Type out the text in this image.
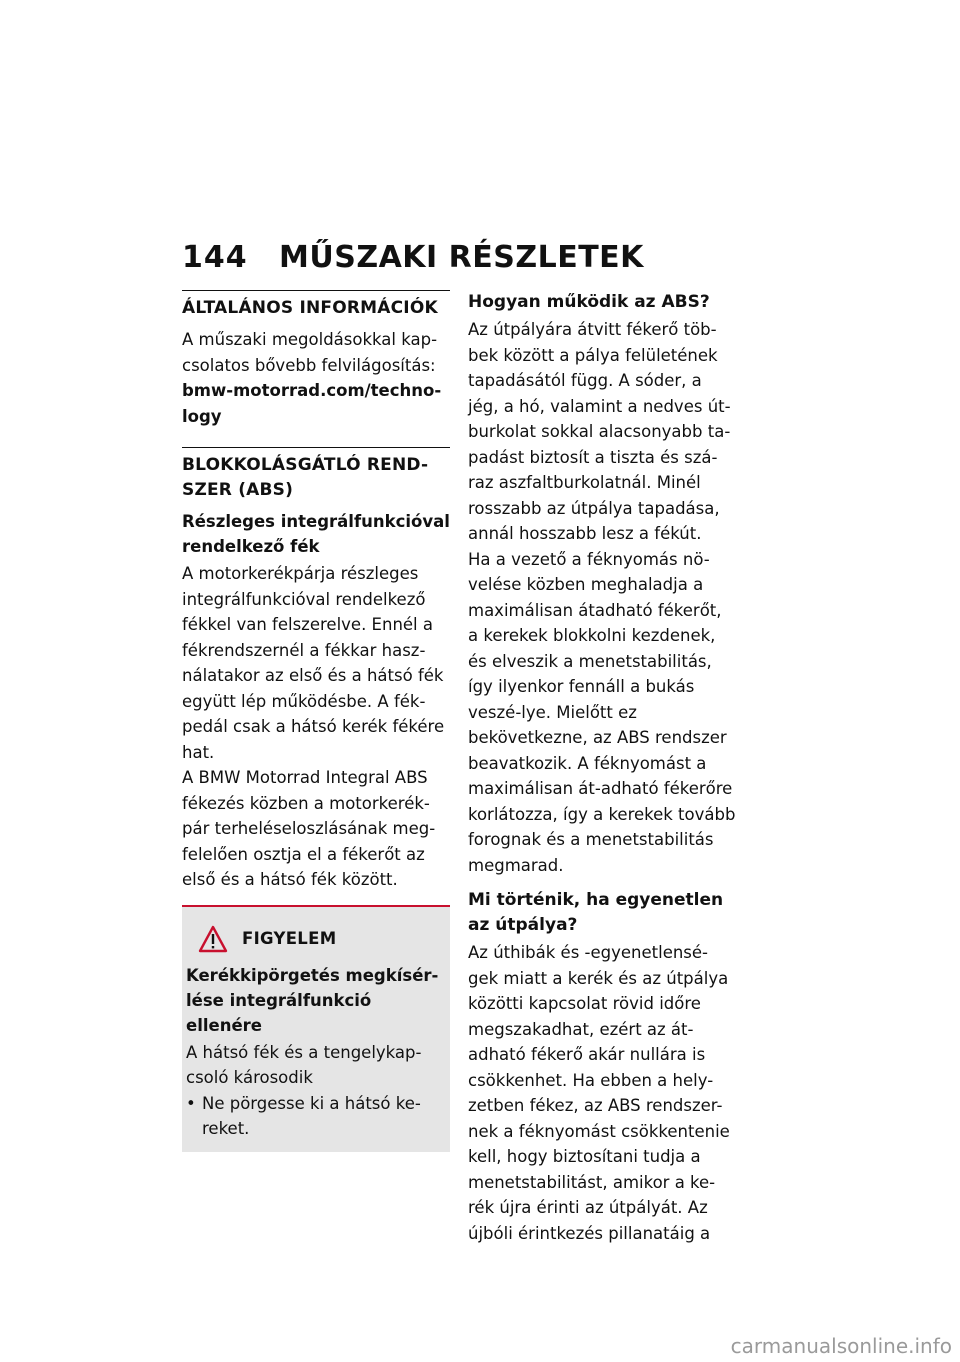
144 MŰSZAKI RÉSZLETEK
ÁLTALÁNOS INFORMÁCIÓK

A műszaki megoldásokkal kap-csolatos bővebb felvilágosítás:

bmw-motorrad.com/techno-logy

BLOKKOLÁSGÁTLÓ REND-SZER (ABS)
Részleges integrálfunkcióval rendelkező fék

A motorkerékpárja részleges integrálfunkcióval rendelkező fékkel van felszerelve. Ennél a fékrendszernél a fékkar hasz-nálatakor az első és a hátsó fék együtt lép működésbe. A fék-pedál csak a hátsó kerék fékére hat.

A BMW Motorrad Integral ABS fékezés közben a motorkerék-pár terheléseloszlásának meg-felelően osztja el a fékerőt az első és a hátsó fék között.

FIGYELEM
Kerékkipörgetés megkísér-lése integrálfunkció ellenére

A hátsó fék és a tengelykap-csoló károsodik

• Ne pörgesse ki a hátsó ke-reket.
Hogyan működik az ABS?

Az útpályára átvitt fékerő töb-bek között a pálya felületének tapadásától függ. A sóder, a jég, a hó, valamint a nedves út-burkolat sokkal alacsonyabb ta-padást biztosít a tiszta és szá-raz aszfaltburkolatnál. Minél rosszabb az útpálya tapadása, annál hosszabb lesz a fékút.

Ha a vezető a féknyomás nö-velése közben meghaladja a maximálisan átadható fékerőt, a kerekek blokkolni kezdenek, és elveszik a menetstabilitás, így ilyenkor fennáll a bukás veszé-lye. Mielőtt ez bekövetkezne, az ABS rendszer beavatkozik. A féknyomást a maximálisan át-adható fékerőre korlátozza, így a kerekek tovább forognak és a menetstabilitás megmarad.

Mi történik, ha egyenetlen az útpálya?

Az úthibák és -egyenetlensé-gek miatt a kerék és az útpálya közötti kapcsolat rövid időre megszakadhat, ezért az át-adható fékerő akár nullára is csökkenhet. Ha ebben a hely-zetben fékez, az ABS rendszer-nek a féknyomást csökkentenie kell, hogy biztosítani tudja a menetstabilitást, amikor a ke-rék újra érinti az útpályát. Az újbóli érintkezés pillanatáig a

carmanualsonline.info
